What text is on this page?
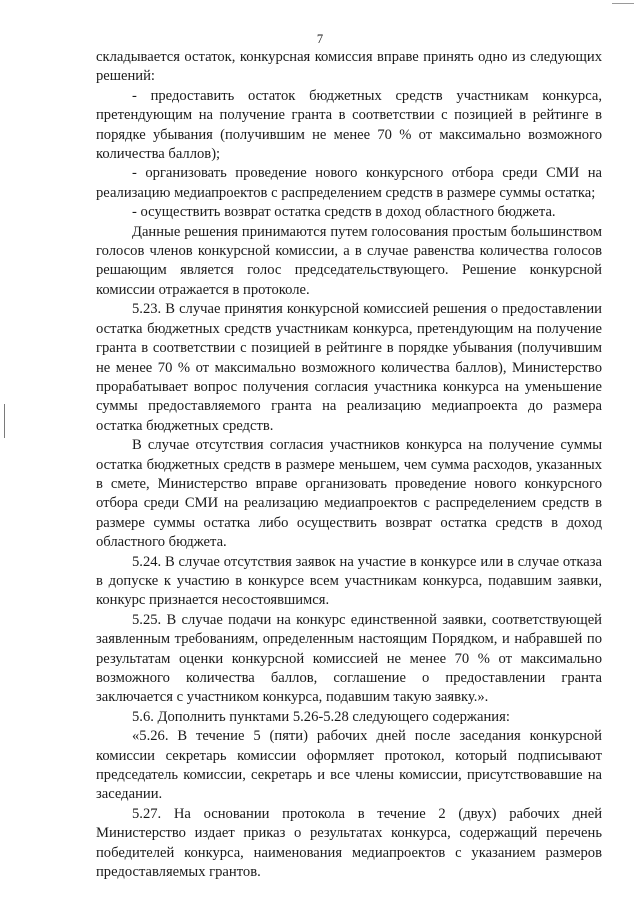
7

складывается остаток, конкурсная комиссия вправе принять одно из следующих решений:

- предоставить остаток бюджетных средств участникам конкурса, претендующим на получение гранта в соответствии с позицией в рейтинге в порядке убывания (получившим не менее 70 % от максимально возможного количества баллов);

- организовать проведение нового конкурсного отбора среди СМИ на реализацию медиапроектов с распределением средств в размере суммы остатка;

- осуществить возврат остатка средств в доход областного бюджета.

Данные решения принимаются путем голосования простым большинством голосов членов конкурсной комиссии, а в случае равенства количества голосов решающим является голос председательствующего. Решение конкурсной комиссии отражается в протоколе.

5.23. В случае принятия конкурсной комиссией решения о предоставлении остатка бюджетных средств участникам конкурса, претендующим на получение гранта в соответствии с позицией в рейтинге в порядке убывания (получившим не менее 70 % от максимально возможного количества баллов), Министерство прорабатывает вопрос получения согласия участника конкурса на уменьшение суммы предоставляемого гранта на реализацию медиапроекта до размера остатка бюджетных средств.

В случае отсутствия согласия участников конкурса на получение суммы остатка бюджетных средств в размере меньшем, чем сумма расходов, указанных в смете, Министерство вправе организовать проведение нового конкурсного отбора среди СМИ на реализацию медиапроектов с распределением средств в размере суммы остатка либо осуществить возврат остатка средств в доход областного бюджета.

5.24. В случае отсутствия заявок на участие в конкурсе или в случае отказа в допуске к участию в конкурсе всем участникам конкурса, подавшим заявки, конкурс признается несостоявшимся.

5.25. В случае подачи на конкурс единственной заявки, соответствующей заявленным требованиям, определенным настоящим Порядком, и набравшей по результатам оценки конкурсной комиссией не менее 70 % от максимально возможного количества баллов, соглашение о предоставлении гранта заключается с участником конкурса, подавшим такую заявку.».

5.6. Дополнить пунктами 5.26-5.28 следующего содержания:

«5.26. В течение 5 (пяти) рабочих дней после заседания конкурсной комиссии секретарь комиссии оформляет протокол, который подписывают председатель комиссии, секретарь и все члены комиссии, присутствовавшие на заседании.

5.27. На основании протокола в течение 2 (двух) рабочих дней Министерство издает приказ о результатах конкурса, содержащий перечень победителей конкурса, наименования медиапроектов с указанием размеров предоставляемых грантов.
